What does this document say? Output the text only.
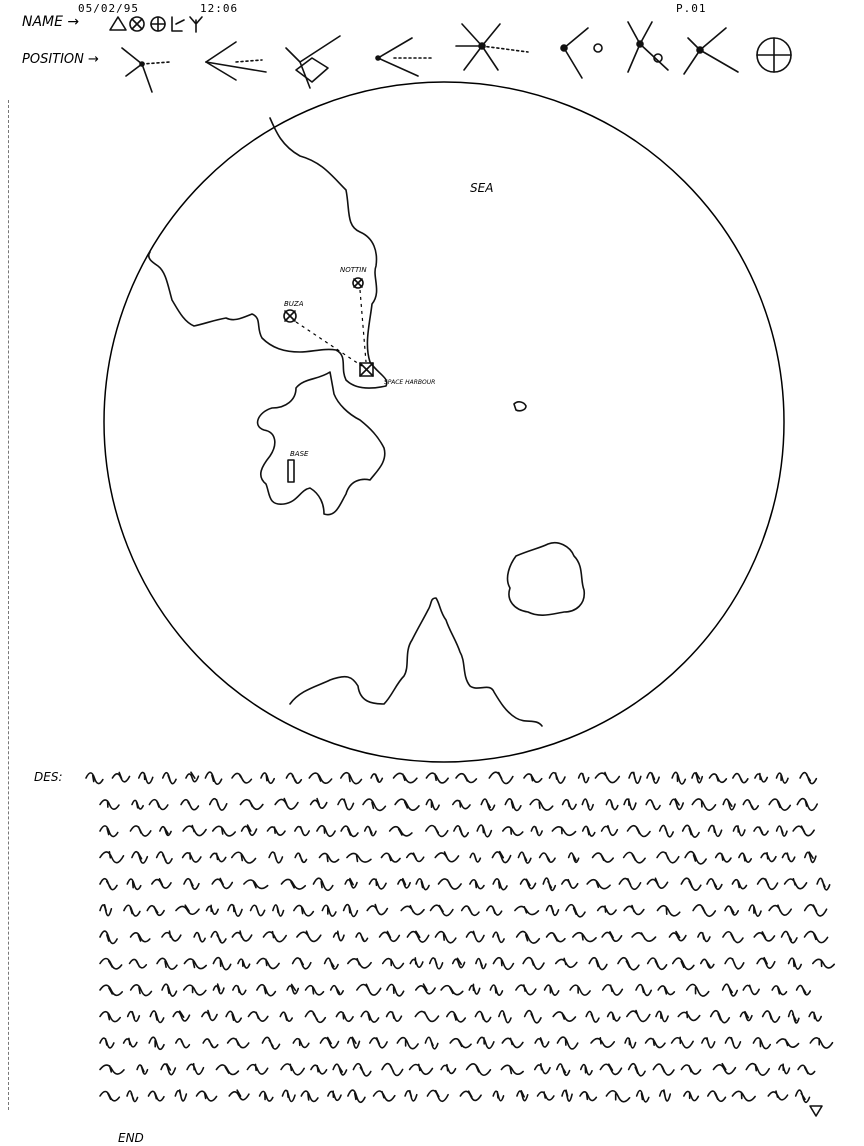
05/02/95	12:06	P.01
NAME →
POSITION →
SEA
NOTTIN
BUZA
SPACE HARBOUR
BASE
DES:
END
